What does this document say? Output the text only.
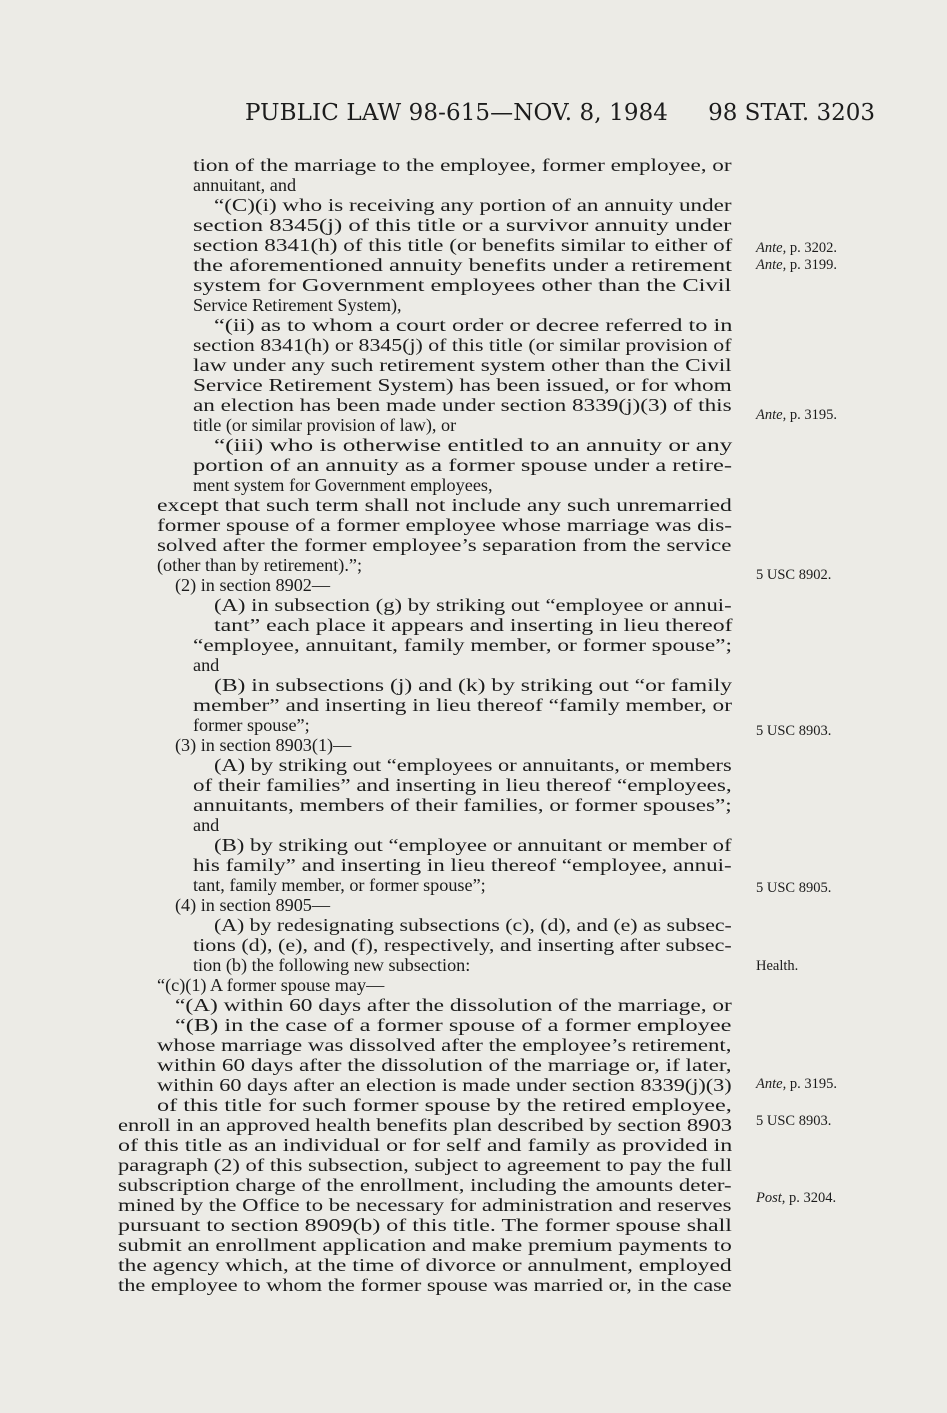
PUBLIC LAW 98-615—NOV. 8, 1984 98 STAT. 3203
tion of the marriage to the employee, former employee, or
annuitant, and
“(C)(i) who is receiving any portion of an annuity under
section 8345(j) of this title or a survivor annuity under
section 8341(h) of this title (or benefits similar to either of
the aforementioned annuity benefits under a retirement
system for Government employees other than the Civil
Service Retirement System),
“(ii) as to whom a court order or decree referred to in
section 8341(h) or 8345(j) of this title (or similar provision of
law under any such retirement system other than the Civil
Service Retirement System) has been issued, or for whom
an election has been made under section 8339(j)(3) of this
title (or similar provision of law), or
“(iii) who is otherwise entitled to an annuity or any
portion of an annuity as a former spouse under a retire-
ment system for Government employees,
except that such term shall not include any such unremarried
former spouse of a former employee whose marriage was dis-
solved after the former employee’s separation from the service
(other than by retirement).”;
(2) in section 8902—
(A) in subsection (g) by striking out “employee or annui-
tant” each place it appears and inserting in lieu thereof
“employee, annuitant, family member, or former spouse”;
and
(B) in subsections (j) and (k) by striking out “or family
member” and inserting in lieu thereof “family member, or
former spouse”;
(3) in section 8903(1)—
(A) by striking out “employees or annuitants, or members
of their families” and inserting in lieu thereof “employees,
annuitants, members of their families, or former spouses”;
and
(B) by striking out “employee or annuitant or member of
his family” and inserting in lieu thereof “employee, annui-
tant, family member, or former spouse”;
(4) in section 8905—
(A) by redesignating subsections (c), (d), and (e) as subsec-
tions (d), (e), and (f), respectively, and inserting after subsec-
tion (b) the following new subsection:
“(c)(1) A former spouse may—
“(A) within 60 days after the dissolution of the marriage, or
“(B) in the case of a former spouse of a former employee
whose marriage was dissolved after the employee’s retirement,
within 60 days after the dissolution of the marriage or, if later,
within 60 days after an election is made under section 8339(j)(3)
of this title for such former spouse by the retired employee,
enroll in an approved health benefits plan described by section 8903
of this title as an individual or for self and family as provided in
paragraph (2) of this subsection, subject to agreement to pay the full
subscription charge of the enrollment, including the amounts deter-
mined by the Office to be necessary for administration and reserves
pursuant to section 8909(b) of this title. The former spouse shall
submit an enrollment application and make premium payments to
the agency which, at the time of divorce or annulment, employed
the employee to whom the former spouse was married or, in the case
Ante, p. 3202.
Ante, p. 3199.
Ante, p. 3195.
5 USC 8902.
5 USC 8903.
5 USC 8905.
Health.
Ante, p. 3195.
5 USC 8903.
Post, p. 3204.
